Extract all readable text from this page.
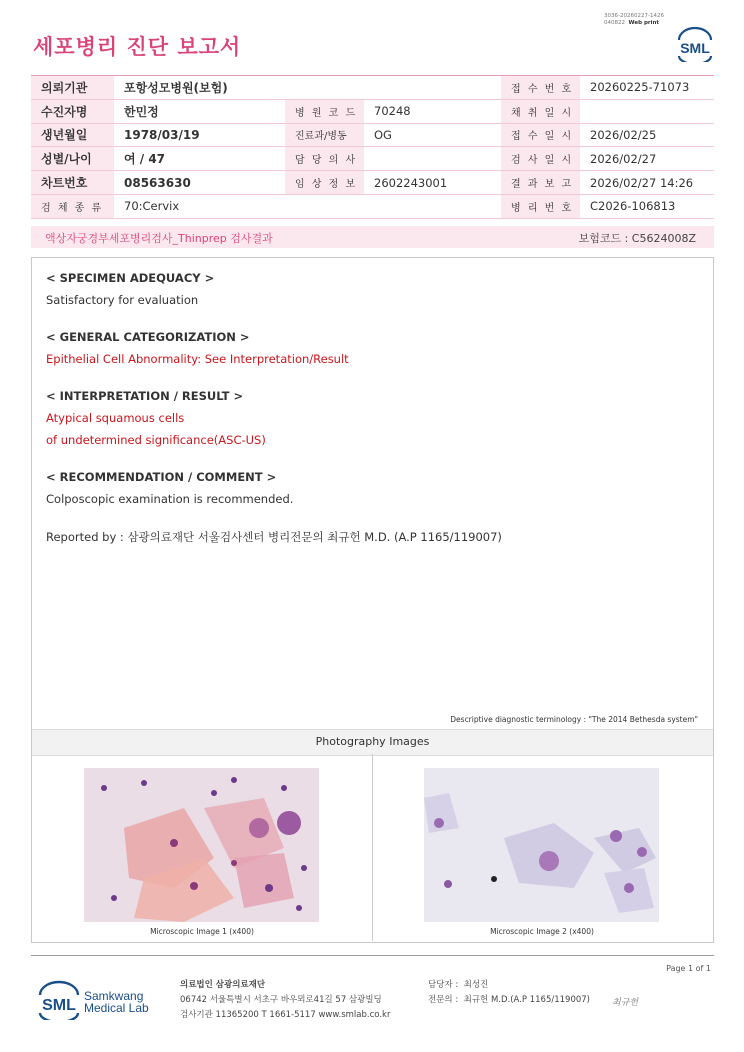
세포병리 진단 보고서
3036-20260227-1426
040822 Web print
SML
의뢰기관	포항성모병원(보험)			접 수 번 호	20260225-71073
수진자명	한민정	병 원 코 드	70248	채 취 일 시	
생년월일	1978/03/19	진료과/병동	OG	접 수 일 시	2026/02/25
성별/나이	여 / 47	담 당 의 사		검 사 일 시	2026/02/27
차트번호	08563630	임 상 정 보	2602243001	결 과 보 고	2026/02/27 14:26
검 체 종 류	70:Cervix			병 리 번 호	C2026-106813
액상자궁경부세포병리검사_Thinprep 검사결과	보험코드 : C5624008Z
< SPECIMEN ADEQUACY >
Satisfactory for evaluation
< GENERAL CATEGORIZATION >
Epithelial Cell Abnormality: See Interpretation/Result
< INTERPRETATION / RESULT >
Atypical squamous cells
of undetermined significance(ASC-US)
< RECOMMENDATION / COMMENT >
Colposcopic examination is recommended.
Reported by : 삼광의료재단 서울검사센터 병리전문의 최규헌 M.D. (A.P 1165/119007)
Descriptive diagnostic terminology : "The 2014 Bethesda system"
Photography Images
Microscopic Image 1 (x400)	Microscopic Image 2 (x400)
Page 1 of 1
SML
Samkwang
Medical Lab
의료법인 삼광의료재단
06742 서울특별시 서초구 바우뫼로41길 57 삼광빌딩
검사기관 11365200 T 1661-5117 www.smlab.co.kr
담당자 : 최성진
전문의 : 최규헌 M.D.(A.P 1165/119007) 최규헌
